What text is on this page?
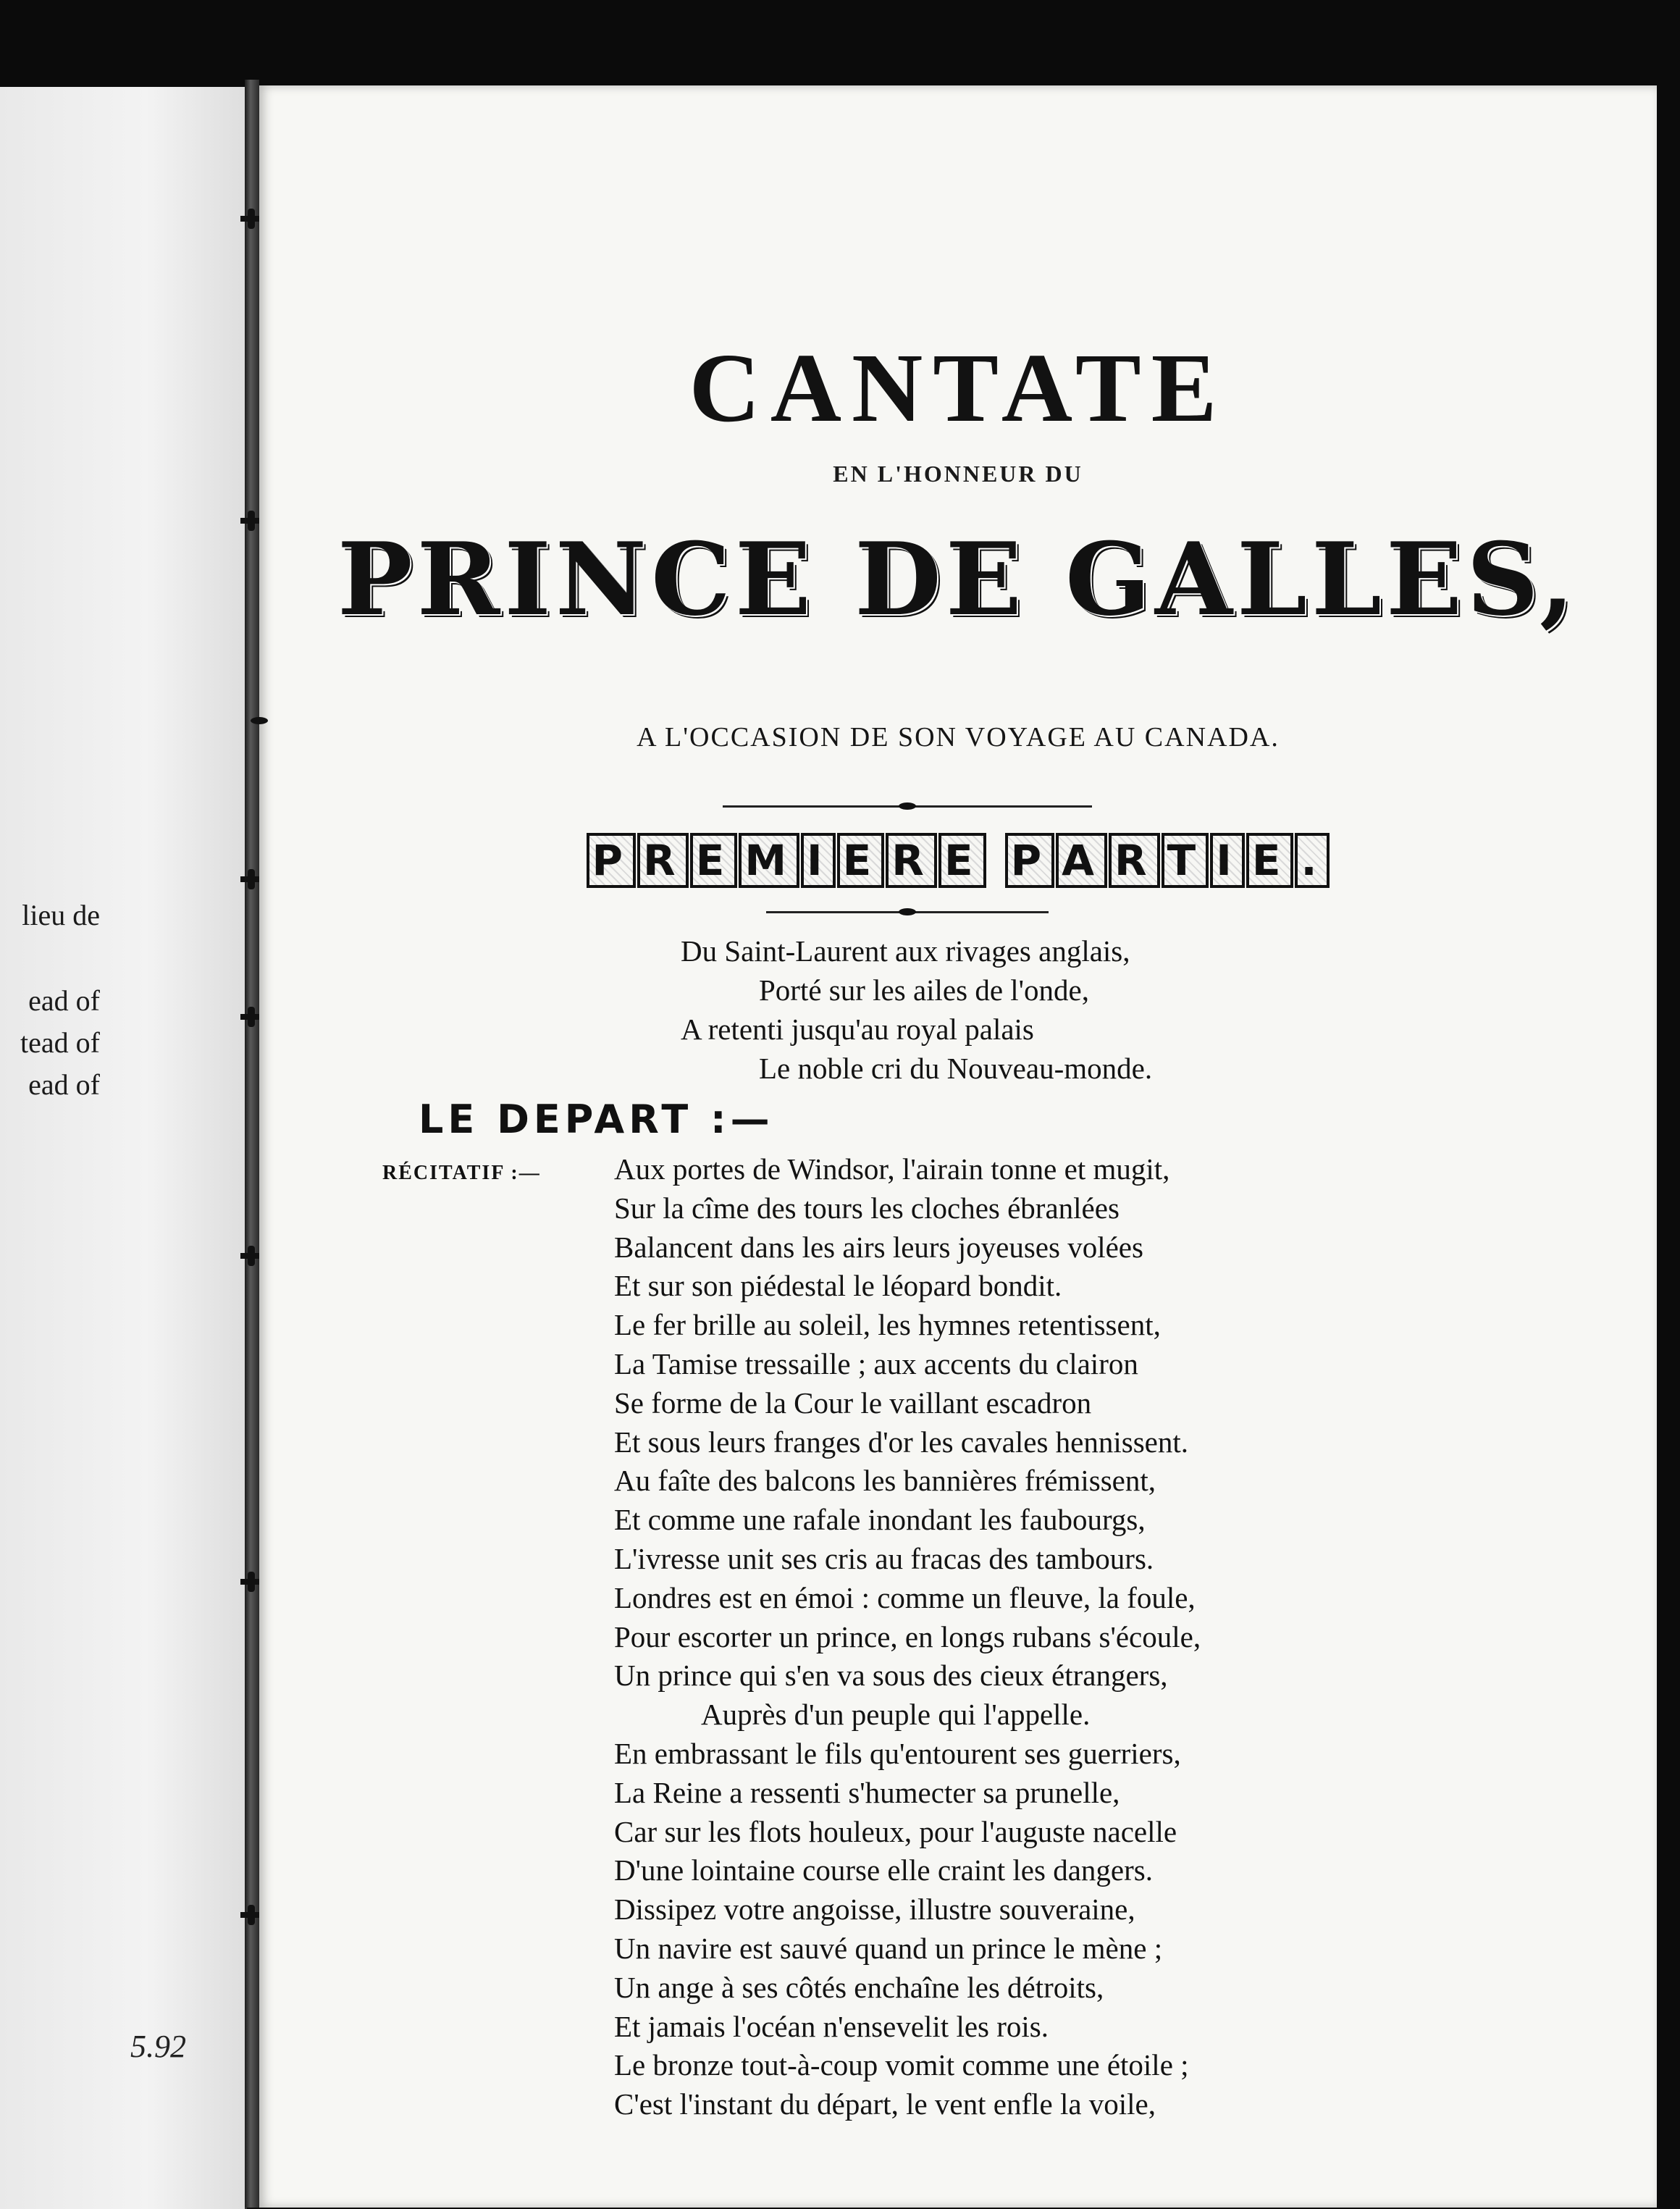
lieu de
ead of
tead of
ead of
5.92
CANTATE
EN L'HONNEUR DU
PRINCE DE GALLES,
A L'OCCASION DE SON VOYAGE AU CANADA.
P R E M I E R E P A R T I E .
Du Saint-Laurent aux rivages anglais,
Porté sur les ailes de l'onde,
A retenti jusqu'au royal palais
Le noble cri du Nouveau-monde.
LE DEPART :—
RÉCITATIF :— Aux portes de Windsor, l'airain tonne et mugit,
Sur la cîme des tours les cloches ébranlées
Balancent dans les airs leurs joyeuses volées
Et sur son piédestal le léopard bondit.
Le fer brille au soleil, les hymnes retentissent,
La Tamise tressaille ; aux accents du clairon
Se forme de la Cour le vaillant escadron
Et sous leurs franges d'or les cavales hennissent.
Au faîte des balcons les bannières frémissent,
Et comme une rafale inondant les faubourgs,
L'ivresse unit ses cris au fracas des tambours.
Londres est en émoi : comme un fleuve, la foule,
Pour escorter un prince, en longs rubans s'écoule,
Un prince qui s'en va sous des cieux étrangers,
Auprès d'un peuple qui l'appelle.
En embrassant le fils qu'entourent ses guerriers,
La Reine a ressenti s'humecter sa prunelle,
Car sur les flots houleux, pour l'auguste nacelle
D'une lointaine course elle craint les dangers.
Dissipez votre angoisse, illustre souveraine,
Un navire est sauvé quand un prince le mène ;
Un ange à ses côtés enchaîne les détroits,
Et jamais l'océan n'ensevelit les rois.
Le bronze tout-à-coup vomit comme une étoile ;
C'est l'instant du départ, le vent enfle la voile,
